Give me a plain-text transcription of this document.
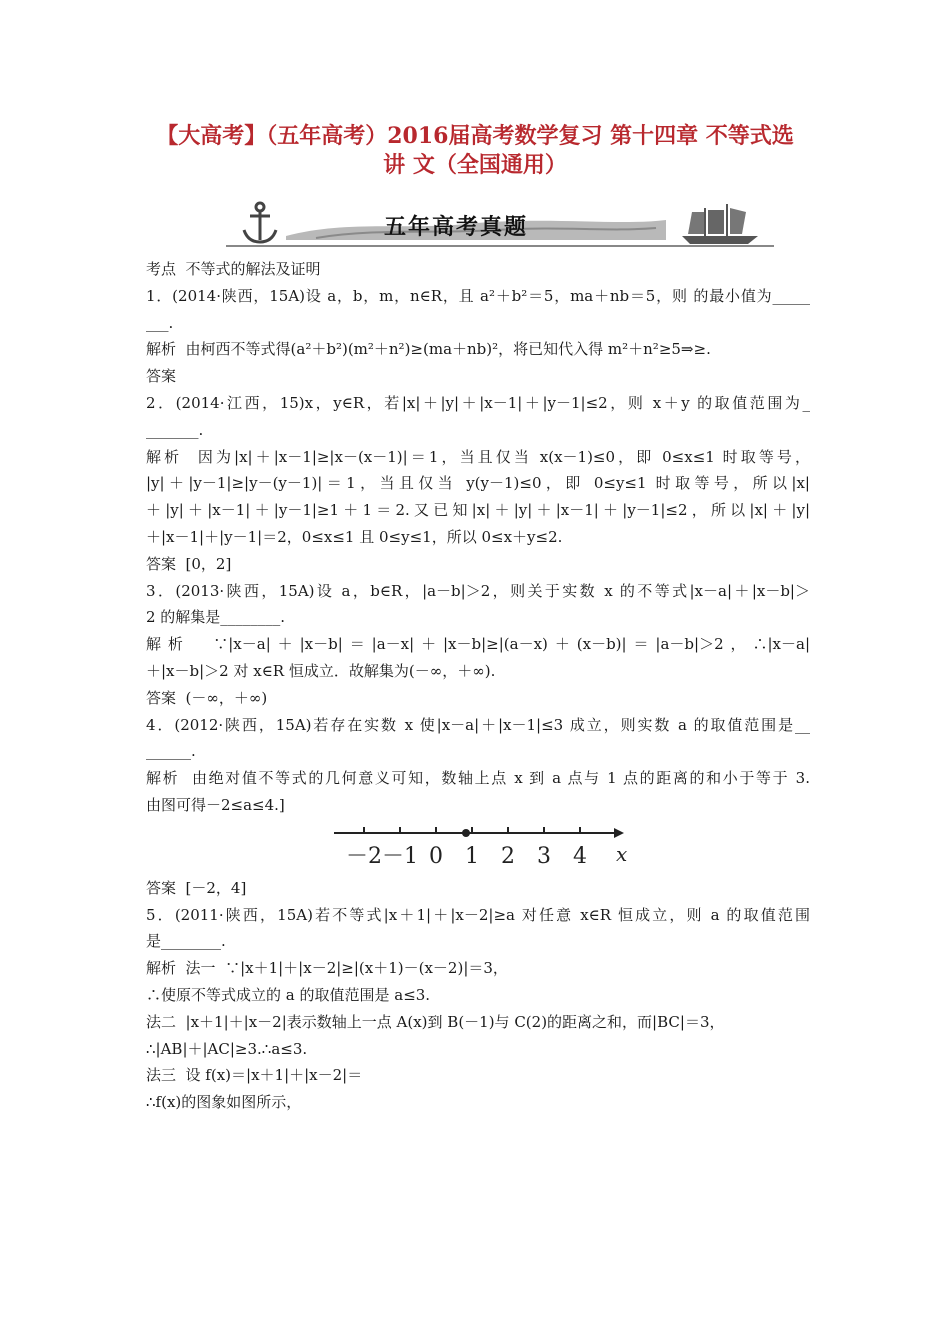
【大高考】（五年高考）2016届高考数学复习 第十四章 不等式选
讲 文（全国通用）
五年高考真题
考点  不等式的解法及证明
1．(2014·陕西，15A)设 a，b，m，n∈R，且 a²＋b²＝5，ma＋nb＝5，则 的最小值为_____
___.
解析  由柯西不等式得(a²＋b²)(m²＋n²)≥(ma＋nb)²，将已知代入得 m²＋n²≥5⇒≥.
答案
2．(2014·江西，15)x，y∈R，若|x|＋|y|＋|x－1|＋|y－1|≤2，则 x＋y 的取值范围为_
_______.
解析  因为|x|＋|x－1|≥|x－(x－1)|＝1，当且仅当 x(x－1)≤0，即 0≤x≤1 时取等号，
|y|＋|y－1|≥|y－(y－1)|＝1，当且仅当 y(y－1)≤0，即 0≤y≤1 时取等号，所以|x|
＋|y|＋|x－1|＋|y－1|≥1＋1＝2.又已知|x|＋|y|＋|x－1|＋|y－1|≤2，所以|x|＋|y|
＋|x－1|＋|y－1|＝2，0≤x≤1 且 0≤y≤1，所以 0≤x＋y≤2.
答案  [0，2]
3．(2013·陕西，15A)设 a，b∈R，|a－b|＞2，则关于实数 x 的不等式|x－a|＋|x－b|＞
2 的解集是________.
解析  ∵|x－a|＋|x－b|＝|a－x|＋|x－b|≥|(a－x)＋(x－b)|＝|a－b|＞2，∴|x－a|
＋|x－b|＞2 对 x∈R 恒成立．故解集为(－∞，＋∞).
答案  (－∞，＋∞)
4．(2012·陕西，15A)若存在实数 x 使|x－a|＋|x－1|≤3 成立，则实数 a 的取值范围是__
______.
解析  由绝对值不等式的几何意义可知，数轴上点 x 到 a 点与 1 点的距离的和小于等于 3.
由图可得－2≤a≤4.]
－2 －1 0 1 2 3 4 x
答案  [－2，4]
5．(2011·陕西，15A)若不等式|x＋1|＋|x－2|≥a 对任意 x∈R 恒成立，则 a 的取值范围
是________.
解析  法一  ∵|x＋1|＋|x－2|≥|(x＋1)－(x－2)|＝3，
∴使原不等式成立的 a 的取值范围是 a≤3.
法二  |x＋1|＋|x－2|表示数轴上一点 A(x)到 B(－1)与 C(2)的距离之和，而|BC|＝3，
∴|AB|＋|AC|≥3.∴a≤3.
法三  设 f(x)＝|x＋1|＋|x－2|＝
∴f(x)的图象如图所示，
